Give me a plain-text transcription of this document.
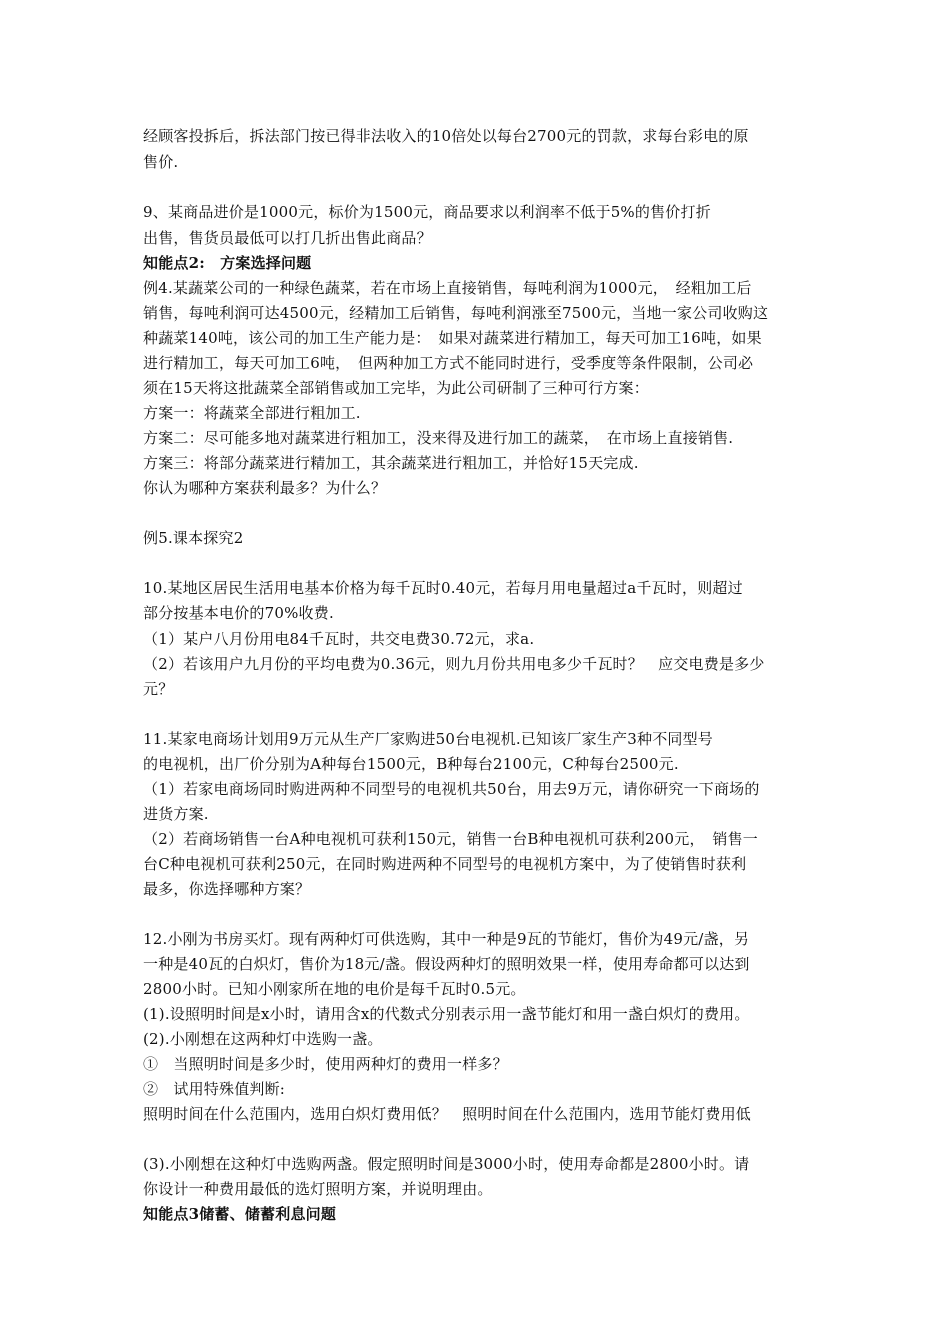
经顾客投拆后，拆法部门按已得非法收入的10倍处以每台2700元的罚款，求每台彩电的原
售价.
9、某商品进价是1000元，标价为1500元，商品要求以利润率不低于5%的售价打折
出售，售货员最低可以打几折出售此商品？
知能点2:　方案选择问题
例4.某蔬菜公司的一种绿色蔬菜，若在市场上直接销售，每吨利润为1000元，　经粗加工后
销售，每吨利润可达4500元，经精加工后销售，每吨利润涨至7500元，当地一家公司收购这
种蔬菜140吨，该公司的加工生产能力是：　如果对蔬菜进行精加工，每天可加工16吨，如果
进行精加工，每天可加工6吨，　但两种加工方式不能同时进行，受季度等条件限制，公司必
须在15天将这批蔬菜全部销售或加工完毕，为此公司研制了三种可行方案：
方案一：将蔬菜全部进行粗加工.
方案二：尽可能多地对蔬菜进行粗加工，没来得及进行加工的蔬菜，　在市场上直接销售.
方案三：将部分蔬菜进行精加工，其余蔬菜进行粗加工，并恰好15天完成.
你认为哪种方案获利最多？为什么？
例5.课本探究2
10.某地区居民生活用电基本价格为每千瓦时0.40元，若每月用电量超过a千瓦时，则超过
部分按基本电价的70%收费.
（1）某户八月份用电84千瓦时，共交电费30.72元，求a.
（2）若该用户九月份的平均电费为0.36元，则九月份共用电多少千瓦时？　应交电费是多少
元？
11.某家电商场计划用9万元从生产厂家购进50台电视机.已知该厂家生产3种不同型号
的电视机，出厂价分别为A种每台1500元，B种每台2100元，C种每台2500元.
（1）若家电商场同时购进两种不同型号的电视机共50台，用去9万元，请你研究一下商场的
进货方案.
（2）若商场销售一台A种电视机可获利150元，销售一台B种电视机可获利200元，　销售一
台C种电视机可获利250元，在同时购进两种不同型号的电视机方案中，为了使销售时获利
最多，你选择哪种方案？
12.小刚为书房买灯。现有两种灯可供选购，其中一种是9瓦的节能灯，售价为49元/盏，另
一种是40瓦的白炽灯，售价为18元/盏。假设两种灯的照明效果一样，使用寿命都可以达到
2800小时。已知小刚家所在地的电价是每千瓦时0.5元。
(1).设照明时间是x小时，请用含x的代数式分别表示用一盏节能灯和用一盏白炽灯的费用。
(2).小刚想在这两种灯中选购一盏。
①　当照明时间是多少时，使用两种灯的费用一样多？
②　试用特殊值判断:
照明时间在什么范围内，选用白炽灯费用低？　照明时间在什么范围内，选用节能灯费用低
(3).小刚想在这种灯中选购两盏。假定照明时间是3000小时，使用寿命都是2800小时。请
你设计一种费用最低的选灯照明方案，并说明理由。
知能点3储蓄、储蓄利息问题
